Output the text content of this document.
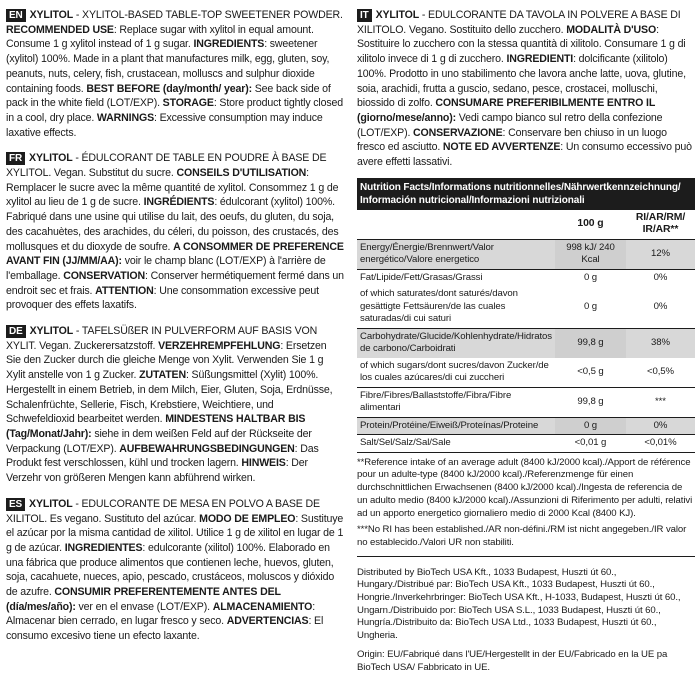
EN XYLITOL - XYLITOL-BASED TABLE-TOP SWEETENER POWDER. RECOMMENDED USE: Replace sugar with xylitol in equal amount. Consume 1 g xylitol instead of 1 g sugar. INGREDIENTS: sweetener (xylitol) 100%. Made in a plant that manufactures milk, egg, gluten, soy, peanuts, nuts, celery, fish, crustacean, molluscs and sulphur dioxide containing foods. BEST BEFORE (day/month/ year): See back side of pack in the white field (LOT/EXP). STORAGE: Store product tightly closed in a cool, dry place. WARNINGS: Excessive consumption may induce laxative effects.
FR XYLITOL - ÉDULCORANT DE TABLE EN POUDRE À BASE DE XYLITOL. Vegan. Substitut du sucre. CONSEILS D'UTILISATION: Remplacer le sucre avec la même quantité de xylitol. Consommez 1 g de xylitol au lieu de 1 g de sucre. INGRÉDIENTS: édulcorant (xylitol) 100%. Fabriqué dans une usine qui utilise du lait, des oeufs, du gluten, du soja, des cacahuètes, des arachides, du céleri, du poisson, des crustacés, des mollusques et du dioxyde de soufre. A CONSOMMER DE PREFERENCE AVANT FIN (JJ/MM/AA): voir le champ blanc (LOT/EXP) à l'arrière de l'emballage. CONSERVATION: Conserver hermétiquement fermé dans un endroit sec et frais. ATTENTION: Une consommation excessive peut provoquer des effets laxatifs.
DE XYLITOL - TAFELSÜßER IN PULVERFORM AUF BASIS VON XYLIT. Vegan. Zuckerersatzstoff. VERZEHREMPFEHLUNG: Ersetzen Sie den Zucker durch die gleiche Menge von Xylit. Verwenden Sie 1 g Xylit anstelle von 1 g Zucker. ZUTATEN: Süßungsmittel (Xylit) 100%. Hergestellt in einem Betrieb, in dem Milch, Eier, Gluten, Soja, Erdnüsse, Schalenfrüchte, Sellerie, Fisch, Krebstiere, Weichtiere, und Schwefeldioxid bearbeitet werden. MINDESTENS HALTBAR BIS (Tag/Monat/Jahr): siehe in dem weißen Feld auf der Rückseite der Verpackung (LOT/EXP). AUFBEWAHRUNGSBEDINGUNGEN: Das Produkt fest verschlossen, kühl und trocken lagern. HINWEIS: Der Verzehr von größeren Mengen kann abführend wirken.
ES XYLITOL - EDULCORANTE DE MESA EN POLVO A BASE DE XILITOL. Es vegano. Sustituto del azúcar. MODO DE EMPLEO: Sustituye el azúcar por la misma cantidad de xilitol. Utilice 1 g de xilitol en lugar de 1 g de azúcar. INGREDIENTES: edulcorante (xilitol) 100%. Elaborado en una fábrica que produce alimentos que contienen leche, huevos, gluten, soja, cacahuete, nueces, apio, pescado, crustáceos, moluscos y dióxido de azufre. CONSUMIR PREFERENTEMENTE ANTES DEL (día/mes/año): ver en el envase (LOT/EXP). ALMACENAMIENTO: Almacenar bien cerrado, en lugar fresco y seco. ADVERTENCIAS: El consumo excesivo tiene un efecto laxante.
IT XYLITOL - EDULCORANTE DA TAVOLA IN POLVERE A BASE DI XILITOLO. Vegano. Sostituito dello zucchero. MODALITÀ D'USO: Sostituire lo zucchero con la stessa quantità di xilitolo. Consumare 1 g di xilitolo invece di 1 g di zucchero. INGREDIENTI: dolcificante (xilitolo) 100%. Prodotto in uno stabilimento che lavora anche latte, uova, glutine, soia, arachidi, frutta a guscio, sedano, pesce, crostacei, molluschi, biossido di zolfo. CONSUMARE PREFERIBILMENTE ENTRO IL (giorno/mese/anno): Vedi campo bianco sul retro della confezione (LOT/EXP). CONSERVAZIONE: Conservare ben chiuso in un luogo fresco ed asciutto. NOTE ED AVVERTENZE: Un consumo eccessivo può avere effetti lassativi.
Nutrition Facts/Informations nutritionnelles/Nährwertkennzeichnung/ Información nutricional/Informazioni nutrizionali		
	100 g	RI/AR/RM/ IR/AR**
Energy/Énergie/Brennwert/Valor energético/Valore energetico	998 kJ/ 240 Kcal	12%
Fat/Lipide/Fett/Grasas/Grassi	0 g	0%
of which saturates/dont saturés/davon gesättigte Fettsäuren/de las cuales saturadas/di cui saturi	0 g	0%
Carbohydrate/Glucide/Kohlenhydrate/Hidratos de carbono/Carboidrati	99,8 g	38%
of which sugars/dont sucres/davon Zucker/de los cuales azúcares/di cui zuccheri	<0,5 g	<0,5%
Fibre/Fibres/Ballaststoffe/Fibra/Fibre alimentari	99,8 g	***
Protein/Protéine/Eiweiß/Proteínas/Proteine	0 g	0%
Salt/Sel/Salz/Sal/Sale	<0,01 g	<0,01%
**Reference intake of an average adult (8400 kJ/2000 kcal)./Apport de référence pour un adulte-type (8400 kJ/2000 kcal)./Referenzmenge für einen durchschnittlichen Erwachsenen (8400 kJ/2000 kcal)./Ingesta de referencia de un adulto medio (8400 kJ/2000 kcal)./Assunzioni di Riferimento per adulti, relativi ad un apporto energetico giornaliero medio di 2000 Kcal (8400 KJ).
***No RI has been established./AR non-défini./RM ist nicht angegeben./IR valor no establecido./Valori UR non stabiliti.
Distributed by BioTech USA Kft., 1033 Budapest, Huszti út 60., Hungary./Distribué par: BioTech USA Kft., 1033 Budapest, Huszti út 60., Hongrie./Inverkehrbringer: BioTech USA Kft., H-1033, Budapest, Huszti út 60., Ungarn./Distribuido por: BioTech USA S.L., 1033 Budapest, Huszti út 60., Hungría./Distribuito da: BioTech USA Ltd., 1033 Budapest, Huszti út 60., Ungheria.
Origin: EU/Fabriqué dans l'UE/Hergestellt in der EU/Fabricado en la UE pa BioTech USA/ Fabbricato in UE.
